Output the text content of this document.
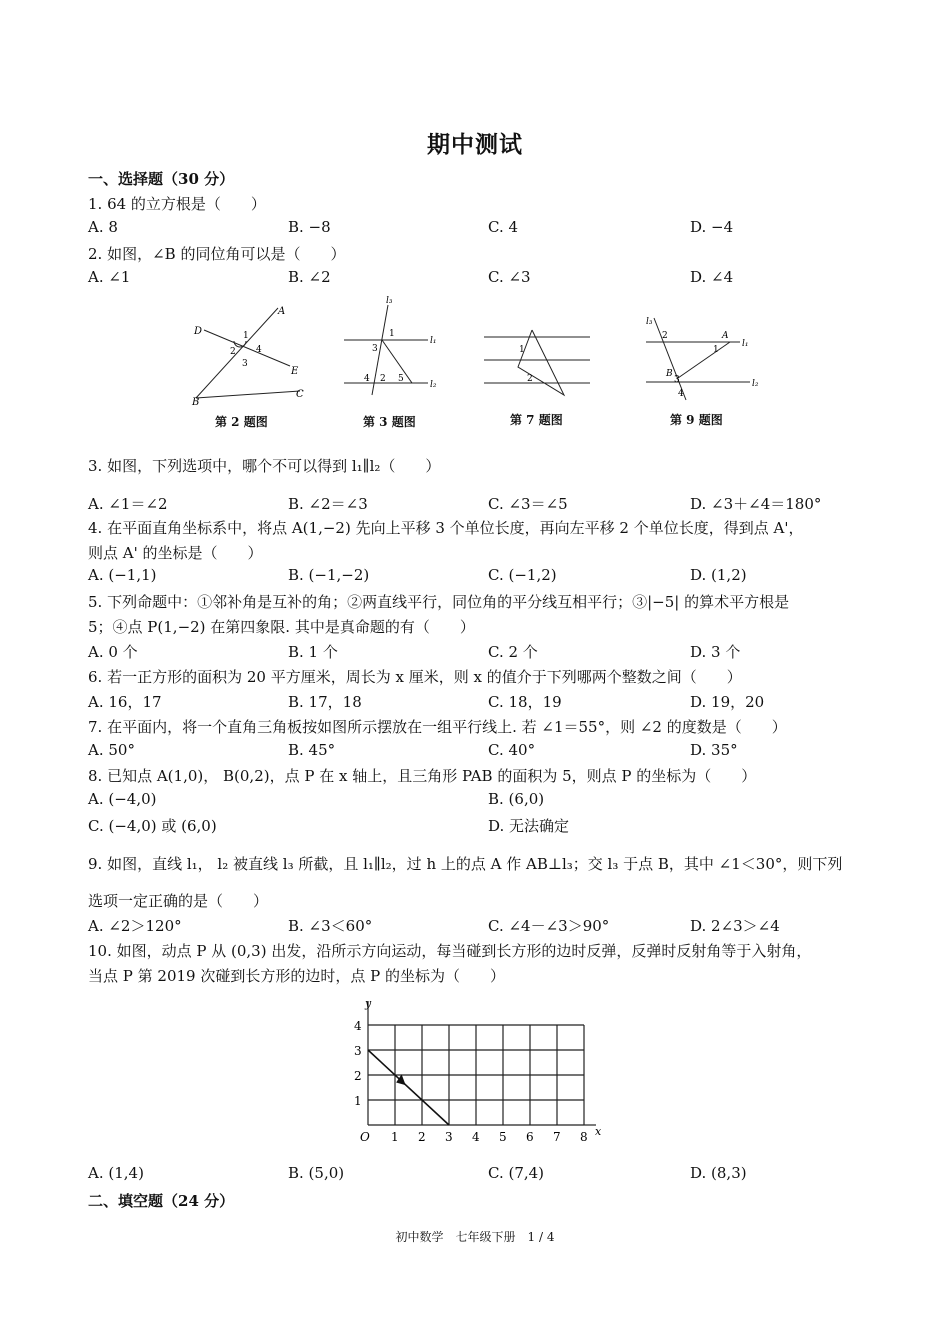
期中测试
一、选择题（30 分）
1. 64 的立方根是（　　）
A. 8	B. −8	C. 4	D. −4
2. 如图，∠B 的同位角可以是（　　）
A. ∠1	B. ∠2	C. ∠3	D. ∠4
D
A
E
B
C
1
2
3
4
第 2 题图
l₃
l₁
l₂
1
3
4 2 5
第 3 题图
1
2
第 7 题图
l₃
2	A
1
l₁
B
3
4
l₂
第 9 题图
3. 如图，下列选项中，哪个不可以得到 l₁∥l₂（　　）
A. ∠1＝∠2	B. ∠2＝∠3	C. ∠3＝∠5	D. ∠3＋∠4＝180°
4. 在平面直角坐标系中，将点 A(1,−2) 先向上平移 3 个单位长度，再向左平移 2 个单位长度，得到点 A'，
则点 A' 的坐标是（　　）
A. (−1,1)	B. (−1,−2)	C. (−1,2)	D. (1,2)
5. 下列命题中：①邻补角是互补的角；②两直线平行，同位角的平分线互相平行；③|−5| 的算术平方根是
5；④点 P(1,−2) 在第四象限. 其中是真命题的有（　　）
A. 0 个	B. 1 个	C. 2 个	D. 3 个
6. 若一正方形的面积为 20 平方厘米，周长为 x 厘米，则 x 的值介于下列哪两个整数之间（　　）
A. 16，17	B. 17，18	C. 18，19	D. 19，20
7. 在平面内，将一个直角三角板按如图所示摆放在一组平行线上. 若 ∠1＝55°，则 ∠2 的度数是（　　）
A. 50°	B. 45°	C. 40°	D. 35°
8. 已知点 A(1,0)， B(0,2)，点 P 在 x 轴上，且三角形 PAB 的面积为 5，则点 P 的坐标为（　　）
A. (−4,0)	B. (6,0)
C. (−4,0) 或 (6,0)	D. 无法确定
9. 如图，直线 l₁， l₂ 被直线 l₃ 所截，且 l₁∥l₂，过 h 上的点 A 作 AB⊥l₃；交 l₃ 于点 B，其中 ∠1＜30°，则下列
选项一定正确的是（　　）
A. ∠2＞120°	B. ∠3＜60°	C. ∠4－∠3＞90°	D. 2∠3＞∠4
10. 如图，动点 P 从 (0,3) 出发，沿所示方向运动，每当碰到长方形的边时反弹，反弹时反射角等于入射角，
当点 P 第 2019 次碰到长方形的边时，点 P 的坐标为（　　）
1 2 3 4 5 6 7 8
1
2
3
4
y
x
O
A. (1,4)	B. (5,0)	C. (7,4)	D. (8,3)
二、填空题（24 分）
初中数学　七年级下册　1 / 4
